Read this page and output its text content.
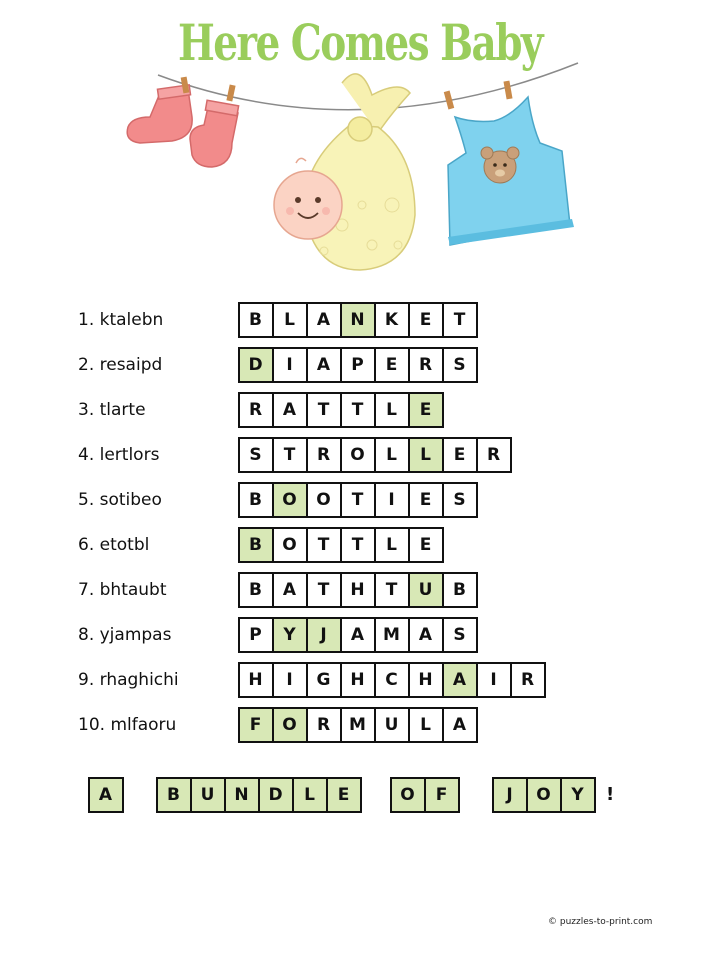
Here Comes Baby
1. ktalebn	B	L	A	N	K	E	T
2. resaipd	D	I	A	P	E	R	S
3. tlarte	R	A	T	T	L	E
4. lertlors	S	T	R	O	L	L	E	R
5. sotibeo	B	O	O	T	I	E	S
6. etotbl	B	O	T	T	L	E
7. bhtaubt	B	A	T	H	T	U	B
8. yjampas	P	Y	J	A	M	A	S
9. rhaghichi	H	I	G	H	C	H	A	I	R
10. mlfaoru	F	O	R	M	U	L	A
A	B	U	N	D	L	E	O	F	J	O	Y	!
© puzzles-to-print.com
